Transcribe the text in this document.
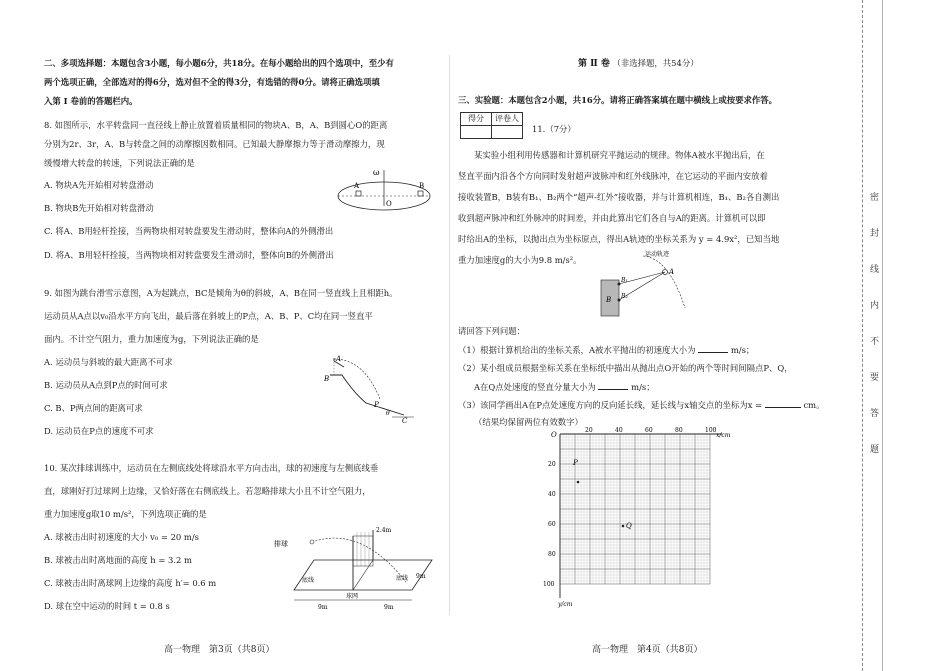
二、多项选择题：本题包含3小题，每小题6分，共18分。在每小题给出的四个选项中，至少有
两个选项正确，全部选对的得6分，选对但不全的得3分，有选错的得0分。请将正确选项填
入第 Ⅰ 卷前的答题栏内。
8. 如图所示，水平转盘同一直径线上静止放置着质量相同的物块A、B，A、B到圆心O的距离
分别为2r、3r，A、B与转盘之间的动摩擦因数相同。已知最大静摩擦力等于滑动摩擦力，现
缓慢增大转盘的转速，下列说法正确的是
A. 物块A先开始相对转盘滑动
B. 物块B先开始相对转盘滑动
C. 将A、B用轻杆拴接，当两物块相对转盘要发生滑动时，整体向A的外侧滑出
D. 将A、B用轻杆拴接，当两物块相对转盘要发生滑动时，整体向B的外侧滑出
A	B
O
ω
9. 如图为跳台滑雪示意图，A为起跳点，BC是倾角为θ的斜坡，A、B在同一竖直线上且相距h。
运动员从A点以v₀沿水平方向飞出，最后落在斜坡上的P点，A、B、P、C均在同一竖直平
面内。不计空气阻力，重力加速度为g，下列说法正确的是
A. 运动员与斜坡的最大距离不可求
B. 运动员从A点到P点的时间可求
C. B、P两点间的距离可求
D. 运动员在P点的速度不可求
A
B
P
C
θ
10. 某次排球训练中，运动员在左侧底线处将球沿水平方向击出，球的初速度与左侧底线垂
直，球刚好打过球网上边缘，又恰好落在右侧底线上。若忽略排球大小且不计空气阻力，
重力加速度g取10 m/s²，下列选项正确的是
A. 球被击出时初速度的大小 v₀ = 20 m/s
B. 球被击出时离地面的高度 h = 3.2 m
C. 球被击出时离球网上边缘的高度 h′= 0.6 m
D. 球在空中运动的时间 t = 0.8 s
排球
2.4m
底线
球网
底线
9m	9m
9m
高一物理　第3页（共8页）
第 Ⅱ 卷 （非选择题，共54分）
三、实验题：本题包含2小题，共16分。请将正确答案填在题中横线上或按要求作答。
得分	评卷人

11.（7分）
某实验小组利用传感器和计算机研究平抛运动的规律。物体A被水平抛出后，在
竖直平面内沿各个方向同时发射超声波脉冲和红外线脉冲，在它运动的平面内安放着
接收装置B，B装有B₁、B₂两个“超声-红外”接收器，并与计算机相连，B₁、B₂各自测出
收到超声脉冲和红外脉冲的时间差，并由此算出它们各自与A的距离。计算机可以即
时给出A的坐标，以抛出点为坐标原点，得出A轨迹的坐标关系为 y = 4.9x²，已知当地
重力加速度g的大小为9.8 m/s²。
运动轨迹
A
B
B₁
B₂
请回答下列问题：
（1）根据计算机给出的坐标关系，A被水平抛出的初速度大小为	m/s；
（2）某小组成员根据坐标关系在坐标纸中描出从抛出点O开始的两个等时间间隔点P、Q，
A在Q点处速度的竖直分量大小为	m/s；
（3）该同学画出A在P点处速度方向的反向延长线，延长线与x轴交点的坐标为x =	cm。
（结果均保留两位有效数字）
O
20	40	60	80	100
20
40
60
80
100
x/cm
y/cm
P
Q
高一物理　第4页（共8页）
密
封
线
内
不
要
答
题
